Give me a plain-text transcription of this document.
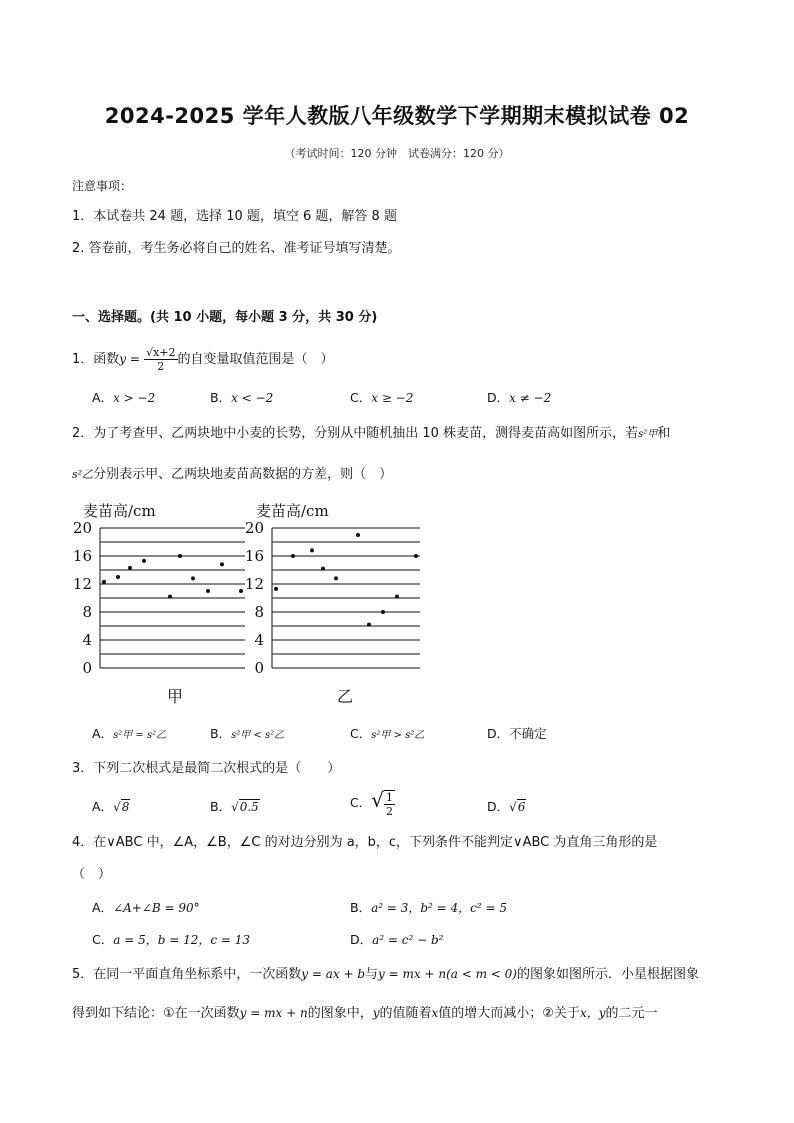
2024-2025 学年人教版八年级数学下学期期末模拟试卷 02
（考试时间：120 分钟　试卷满分：120 分）
注意事项：
1．本试卷共 24 题，选择 10 题，填空 6 题，解答 8 题
2. 答卷前，考生务必将自己的姓名、准考证号填写清楚。
一、选择题。(共 10 小题，每小题 3 分，共 30 分)
1．函数$y = \frac{√x+2}{2}$ 的自变量取值范围是（　）
A．x > −2	B．x < −2	C．x ≥ −2	D．x ≠ −2
2．为了考查甲、乙两块地中小麦的长势，分别从中随机抽出 10 株麦苗，测得麦苗高如图所示，若s²甲和
s²乙分别表示甲、乙两块地麦苗高数据的方差，则（　）
麦苗高/cm	麦苗高/cm
0
4
8
12
16
20
甲
0
4
8
12
16
20
乙
A．s²甲 = s²乙	B．s²甲 < s²乙	C．s²甲 > s²乙	D．不确定
3．下列二次根式是最简二次根式的是（　　）
A．√8	B．√0.5	C．√ $\frac{1}{2}$	D．√6
4．在∨ABC 中，∠A，∠B，∠C 的对边分别为 a，b，c，下列条件不能判定∨ABC 为直角三角形的是
（　）
A．∠A+∠B = 90°	B．a² = 3，b² = 4，c² = 5
C．a = 5，b = 12，c = 13	D．a² = c² − b²
5．在同一平面直角坐标系中，一次函数y = ax + b与y = mx + n(a < m < 0)的图象如图所示．小星根据图象
得到如下结论：①在一次函数y = mx + n的图象中，y的值随着x值的增大而减小；②关于x，y的二元一
